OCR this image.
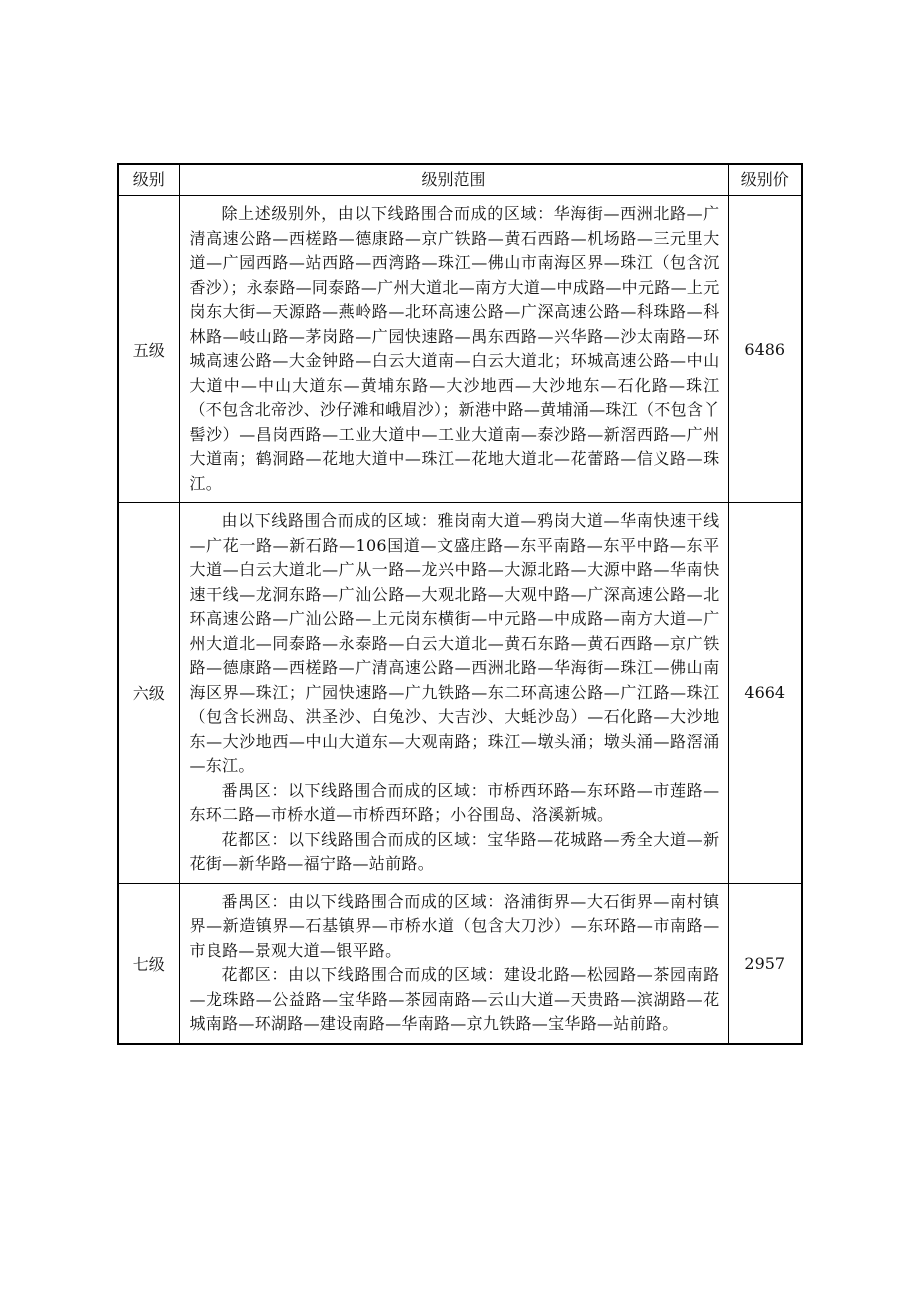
级别	级别范围	级别价
五级	除上述级别外，由以下线路围合而成的区域：华海街—西洲北路—广清高速公路—西槎路—德康路—京广铁路—黄石西路—机场路—三元里大道—广园西路—站西路—西湾路—珠江—佛山市南海区界—珠江（包含沉香沙）；永泰路—同泰路—广州大道北—南方大道—中成路—中元路—上元岗东大街—天源路—燕岭路—北环高速公路—广深高速公路—科珠路—科林路—岐山路—茅岗路—广园快速路—禺东西路—兴华路—沙太南路—环城高速公路—大金钟路—白云大道南—白云大道北；环城高速公路—中山大道中—中山大道东—黄埔东路—大沙地西—大沙地东—石化路—珠江（不包含北帝沙、沙仔滩和峨眉沙）；新港中路—黄埔涌—珠江（不包含丫髻沙）—昌岗西路—工业大道中—工业大道南—泰沙路—新滘西路—广州大道南；鹤洞路—花地大道中—珠江—花地大道北—花蕾路—信义路—珠江。	6486
六级	由以下线路围合而成的区域：雅岗南大道—鸦岗大道—华南快速干线—广花一路—新石路—106国道—文盛庄路—东平南路—东平中路—东平大道—白云大道北—广从一路—龙兴中路—大源北路—大源中路—华南快速干线—龙洞东路—广汕公路—大观北路—大观中路—广深高速公路—北环高速公路—广汕公路—上元岗东横街—中元路—中成路—南方大道—广州大道北—同泰路—永泰路—白云大道北—黄石东路—黄石西路—京广铁路—德康路—西槎路—广清高速公路—西洲北路—华海街—珠江—佛山南海区界—珠江；广园快速路—广九铁路—东二环高速公路—广江路—珠江（包含长洲岛、洪圣沙、白兔沙、大吉沙、大蚝沙岛）—石化路—大沙地东—大沙地西—中山大道东—大观南路；珠江—墩头涌；墩头涌—路滘涌—东江。

番禺区：以下线路围合而成的区域：市桥西环路—东环路—市莲路—东环二路—市桥水道—市桥西环路；小谷围岛、洛溪新城。

花都区：以下线路围合而成的区域：宝华路—花城路—秀全大道—新花街—新华路—福宁路—站前路。	4664
七级	番禺区：由以下线路围合而成的区域：洛浦街界—大石街界—南村镇界—新造镇界—石基镇界—市桥水道（包含大刀沙）—东环路—市南路—市良路—景观大道—银平路。

花都区：由以下线路围合而成的区域：建设北路—松园路—茶园南路—龙珠路—公益路—宝华路—茶园南路—云山大道—天贵路—滨湖路—花城南路—环湖路—建设南路—华南路—京九铁路—宝华路—站前路。	2957
